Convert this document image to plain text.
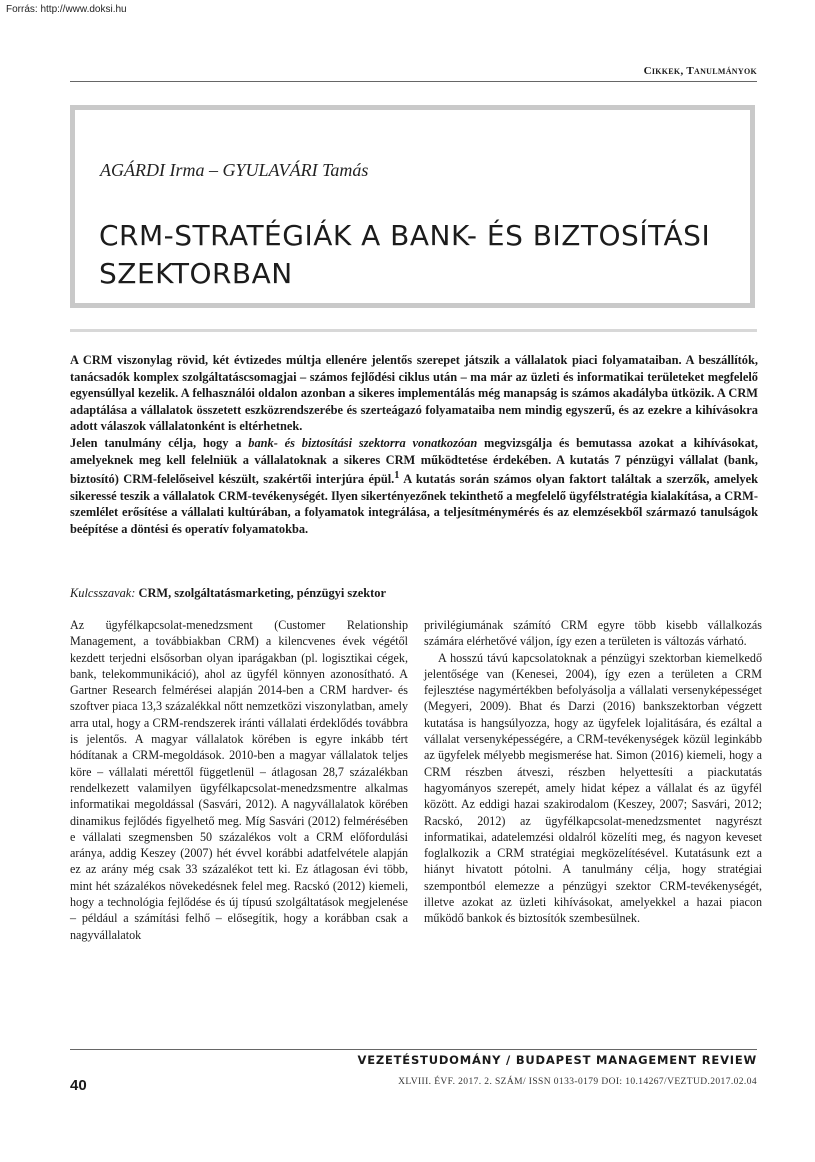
Forrás: http://www.doksi.hu
Cikkek, Tanulmányok
AGÁRDI Irma – GYULAVÁRI Tamás
CRM-STRATÉGIÁK A BANK- ÉS BIZTOSÍTÁSI SZEKTORBAN

A CRM viszonylag rövid, két évtizedes múltja ellenére jelentős szerepet játszik a vállalatok piaci folyamataiban. A beszállítók, tanácsadók komplex szolgáltatáscsomagjai – számos fejlődési ciklus után – ma már az üzleti és informatikai területeket megfelelő egyensúllyal kezelik. A felhasználói oldalon azonban a sikeres implementálás még manapság is számos akadályba ütközik. A CRM adaptálása a vállalatok összetett eszközrendszerébe és szerteágazó folyamataiba nem mindig egyszerű, és az ezekre a kihívásokra adott válaszok vállalatonként is eltérhetnek.

Jelen tanulmány célja, hogy a bank- és biztosítási szektorra vonatkozóan megvizsgálja és bemutassa azokat a kihívásokat, amelyeknek meg kell felelniük a vállalatoknak a sikeres CRM működtetése érdekében. A kutatás 7 pénzügyi vállalat (bank, biztosító) CRM-felelőseivel készült, szakértői interjúra épül.$^1$ A kutatás során számos olyan faktort találtak a szerzők, amelyek sikeressé teszik a vállalatok CRM-tevékenységét. Ilyen sikertényezőnek tekinthető a megfelelő ügyfélstratégia kialakítása, a CRM-szemlélet erősítése a vállalati kultúrában, a folyamatok integrálása, a teljesítménymérés és az elemzésekből származó tanulságok beépítése a döntési és operatív folyamatokba.

Kulcsszavak: CRM, szolgáltatásmarketing, pénzügyi szektor

Az ügyfélkapcsolat-menedzsment (Customer Relationship Management, a továbbiakban CRM) a kilencvenes évek végétől kezdett terjedni elsősorban olyan iparágakban (pl. logisztikai cégek, bank, telekommunikáció), ahol az ügyfél könnyen azonosítható. A Gartner Research felmérései alapján 2014-ben a CRM hardver- és szoftver piaca 13,3 százalékkal nőtt nemzetközi viszonylatban, amely arra utal, hogy a CRM-rendszerek iránti vállalati érdeklődés továbbra is jelentős. A magyar vállalatok körében is egyre inkább tért hódítanak a CRM-megoldások. 2010-ben a magyar vállalatok teljes köre – vállalati mérettől függetlenül – átlagosan 28,7 százalékban rendelkezett valamilyen ügyfélkapcsolat-menedzsmentre alkalmas informatikai megoldással (Sasvári, 2012). A nagyvállalatok körében dinamikus fejlődés figyelhető meg. Míg Sasvári (2012) felmérésében e vállalati szegmensben 50 százalékos volt a CRM előfordulási aránya, addig Keszey (2007) hét évvel korábbi adatfelvétele alapján ez az arány még csak 33 százalékot tett ki. Ez átlagosan évi több, mint hét százalékos növekedésnek felel meg. Racskó (2012) kiemeli, hogy a technológia fejlődése és új típusú szolgáltatások megjelenése – például a számítási felhő – elősegítik, hogy a korábban csak a nagyvállalatok

privilégiumának számító CRM egyre több kisebb vállalkozás számára elérhetővé váljon, így ezen a területen is változás várható.

A hosszú távú kapcsolatoknak a pénzügyi szektorban kiemelkedő jelentősége van (Kenesei, 2004), így ezen a területen a CRM fejlesztése nagymértékben befolyásolja a vállalati versenyképességet (Megyeri, 2009). Bhat és Darzi (2016) bankszektorban végzett kutatása is hangsúlyozza, hogy az ügyfelek lojalitására, és ezáltal a vállalat versenyképességére, a CRM-tevékenységek közül leginkább az ügyfelek mélyebb megismerése hat. Simon (2016) kiemeli, hogy a CRM részben átveszi, részben helyettesíti a piackutatás hagyományos szerepét, amely hidat képez a vállalat és az ügyfél között. Az eddigi hazai szakirodalom (Keszey, 2007; Sasvári, 2012; Racskó, 2012) az ügyfélkapcsolat-menedzsmentet nagyrészt informatikai, adatelemzési oldalról közelíti meg, és nagyon keveset foglalkozik a CRM stratégiai megközelítésével. Kutatásunk ezt a hiányt hivatott pótolni. A tanulmány célja, hogy stratégiai szempontból elemezze a pénzügyi szektor CRM-tevékenységét, illetve azokat az üzleti kihívásokat, amelyekkel a hazai piacon működő bankok és biztosítók szembesülnek.

VEZETÉSTUDOMÁNY / BUDAPEST MANAGEMENT REVIEW
40	XLVIII. ÉVF. 2017. 2. SZÁM/ ISSN 0133-0179 DOI: 10.14267/VEZTUD.2017.02.04
